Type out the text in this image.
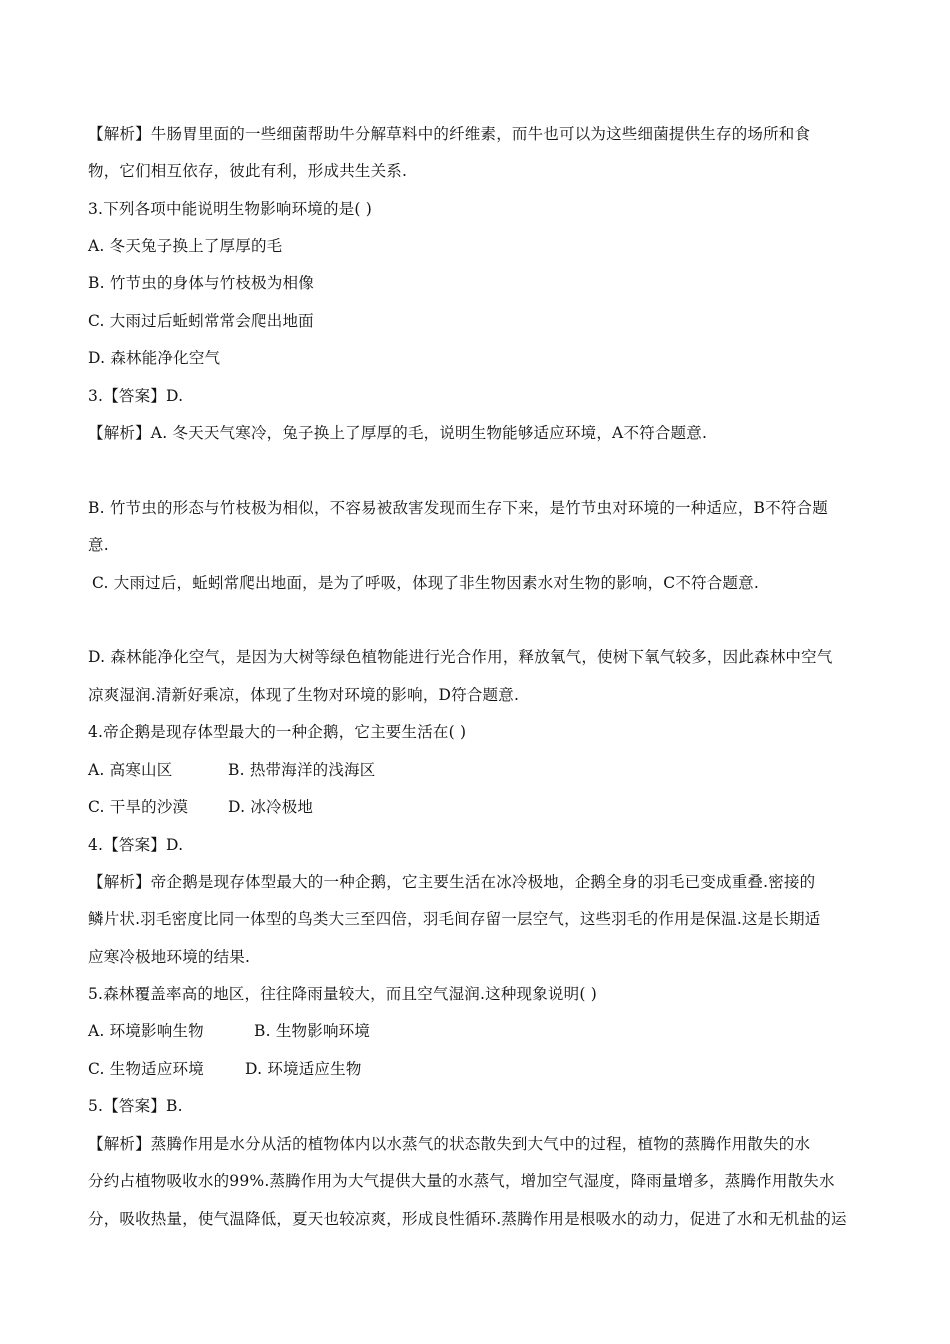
【解析】牛肠胃里面的一些细菌帮助牛分解草料中的纤维素，而牛也可以为这些细菌提供生存的场所和食
物，它们相互依存，彼此有利，形成共生关系.
3.下列各项中能说明生物影响环境的是( )
A. 冬天兔子换上了厚厚的毛
B. 竹节虫的身体与竹枝极为相像
C. 大雨过后蚯蚓常常会爬出地面
D. 森林能净化空气
3.【答案】D.
【解析】A. 冬天天气寒冷，兔子换上了厚厚的毛，说明生物能够适应环境，A不符合题意.
B. 竹节虫的形态与竹枝极为相似，不容易被敌害发现而生存下来，是竹节虫对环境的一种适应，B不符合题
意.
C. 大雨过后，蚯蚓常爬出地面，是为了呼吸，体现了非生物因素水对生物的影响，C不符合题意.
D. 森林能净化空气，是因为大树等绿色植物能进行光合作用，释放氧气，使树下氧气较多，因此森林中空气
凉爽湿润.清新好乘凉，体现了生物对环境的影响，D符合题意.
4.帝企鹅是现存体型最大的一种企鹅，它主要生活在( )
A. 高寒山区	B. 热带海洋的浅海区
C. 干旱的沙漠	D. 冰冷极地
4.【答案】D.
【解析】帝企鹅是现存体型最大的一种企鹅，它主要生活在冰冷极地，企鹅全身的羽毛已变成重叠.密接的
鳞片状.羽毛密度比同一体型的鸟类大三至四倍，羽毛间存留一层空气，这些羽毛的作用是保温.这是长期适
应寒冷极地环境的结果.
5.森林覆盖率高的地区，往往降雨量较大，而且空气湿润.这种现象说明( )
A. 环境影响生物	B. 生物影响环境
C. 生物适应环境	D. 环境适应生物
5.【答案】B.
【解析】蒸腾作用是水分从活的植物体内以水蒸气的状态散失到大气中的过程，植物的蒸腾作用散失的水
分约占植物吸收水的99%.蒸腾作用为大气提供大量的水蒸气，增加空气湿度，降雨量增多，蒸腾作用散失水
分，吸收热量，使气温降低，夏天也较凉爽，形成良性循环.蒸腾作用是根吸水的动力，促进了水和无机盐的运
